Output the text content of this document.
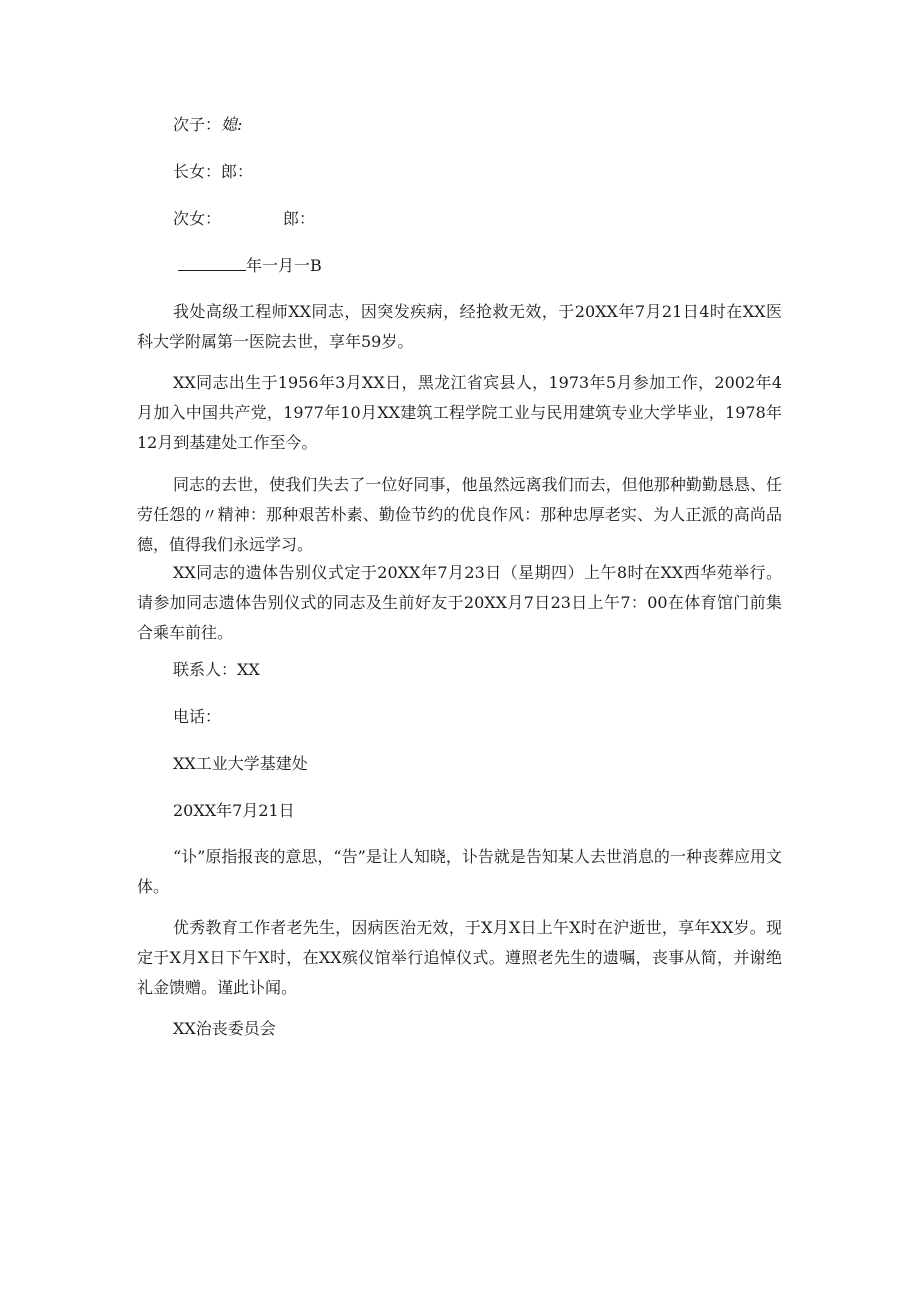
次子：媳:
长女：郎：
次女：	郎：
年一月一B
我处高级工程师XX同志，因突发疾病，经抢救无效，于20XX年7月21日4时在XX医科大学附属第一医院去世，享年59岁。
XX同志出生于1956年3月XX日，黑龙江省宾县人，1973年5月参加工作，2002年4月加入中国共产党，1977年10月XX建筑工程学院工业与民用建筑专业大学毕业，1978年12月到基建处工作至今。
同志的去世，使我们失去了一位好同事，他虽然远离我们而去，但他那种勤勤恳恳、任劳任怨的〃精神：那种艰苦朴素、勤俭节约的优良作风：那种忠厚老实、为人正派的高尚品德，值得我们永远学习。
XX同志的遗体告别仪式定于20XX年7月23日（星期四）上午8时在XX西华苑举行。请参加同志遗体告别仪式的同志及生前好友于20XX月7日23日上午7：00在体育馆门前集合乘车前往。
联系人：XX
电话：
XX工业大学基建处
20XX年7月21日
“讣”原指报丧的意思，“告”是让人知晓，讣告就是告知某人去世消息的一种丧葬应用文体。
优秀教育工作者老先生，因病医治无效，于X月X日上午X时在沪逝世，享年XX岁。现定于X月X日下午X时，在XX殡仪馆举行追悼仪式。遵照老先生的遗嘱，丧事从简，并谢绝礼金馈赠。谨此讣闻。
XX治丧委员会
